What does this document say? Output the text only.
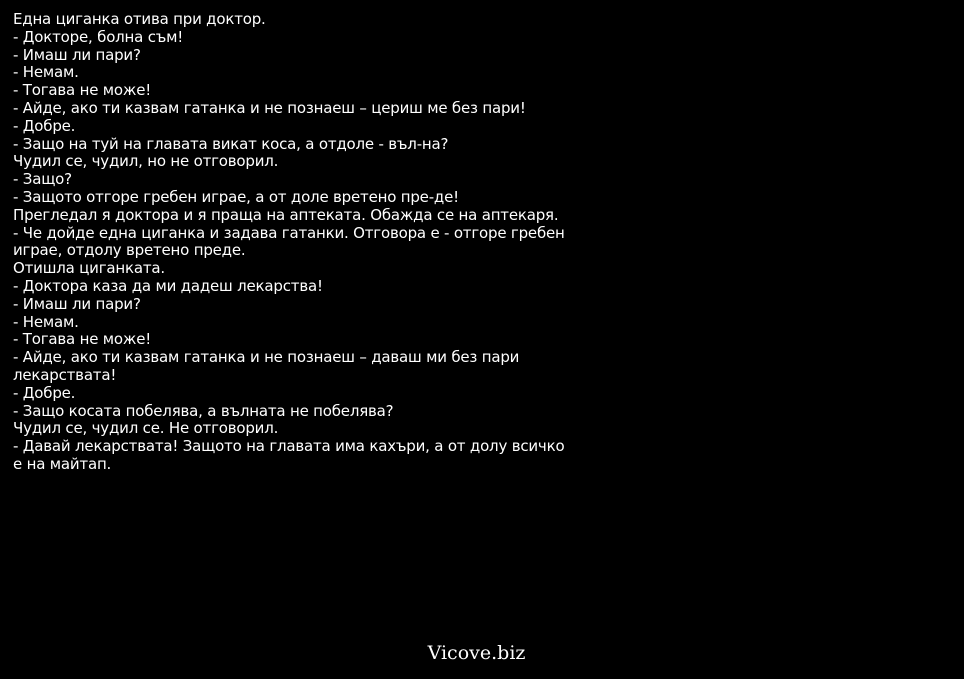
Една циганка отива при доктор.
- Докторе, болна съм!
- Имаш ли пари?
- Немам.
- Тогава не може!
- Айде, ако ти казвам гатанка и не познаеш – цериш ме без пари!
- Добре.
- Защо на туй на главата викат коса, а отдоле - въл-на?
Чудил се, чудил, но не отговорил.
- Защо?
- Защото отгоре гребен играе, а от доле вретено пре-де!
Прегледал я доктора и я праща на аптеката. Обажда се на аптекаря.
- Че дойде една циганка и задава гатанки. Отговора е - отгоре гребен играе, отдолу вретено преде.
Отишла циганката.
- Доктора каза да ми дадеш лекарства!
- Имаш ли пари?
- Немам.
- Тогава не може!
- Айде, ако ти казвам гатанка и не познаеш – даваш ми без пари лекарствата!
- Добре.
- Защо косата побелява, а вълната не побелява?
Чудил се, чудил се. Не отговорил.
- Давай лекарствата! Защото на главата има кахъри, а от долу всичко е на майтап.
Vicove.biz
